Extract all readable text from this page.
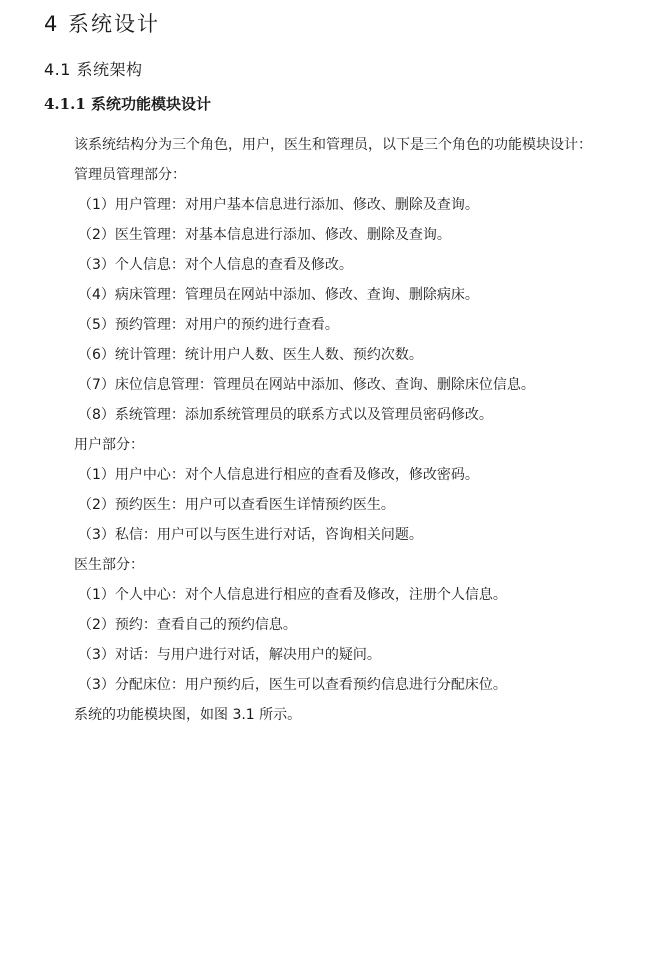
4 系统设计
4.1 系统架构
4.1.1 系统功能模块设计
该系统结构分为三个角色，用户，医生和管理员，以下是三个角色的功能模块设计：
管理员管理部分：
（1）用户管理：对用户基本信息进行添加、修改、删除及查询。
（2）医生管理：对基本信息进行添加、修改、删除及查询。
（3）个人信息：对个人信息的查看及修改。
（4）病床管理：管理员在网站中添加、修改、查询、删除病床。
（5）预约管理：对用户的预约进行查看。
（6）统计管理：统计用户人数、医生人数、预约次数。
（7）床位信息管理：管理员在网站中添加、修改、查询、删除床位信息。
（8）系统管理：添加系统管理员的联系方式以及管理员密码修改。
用户部分：
（1）用户中心：对个人信息进行相应的查看及修改，修改密码。
（2）预约医生：用户可以查看医生详情预约医生。
（3）私信：用户可以与医生进行对话，咨询相关问题。
医生部分：
（1）个人中心：对个人信息进行相应的查看及修改，注册个人信息。
（2）预约：查看自己的预约信息。
（3）对话：与用户进行对话，解决用户的疑问。
（3）分配床位：用户预约后，医生可以查看预约信息进行分配床位。
系统的功能模块图，如图 3.1 所示。
